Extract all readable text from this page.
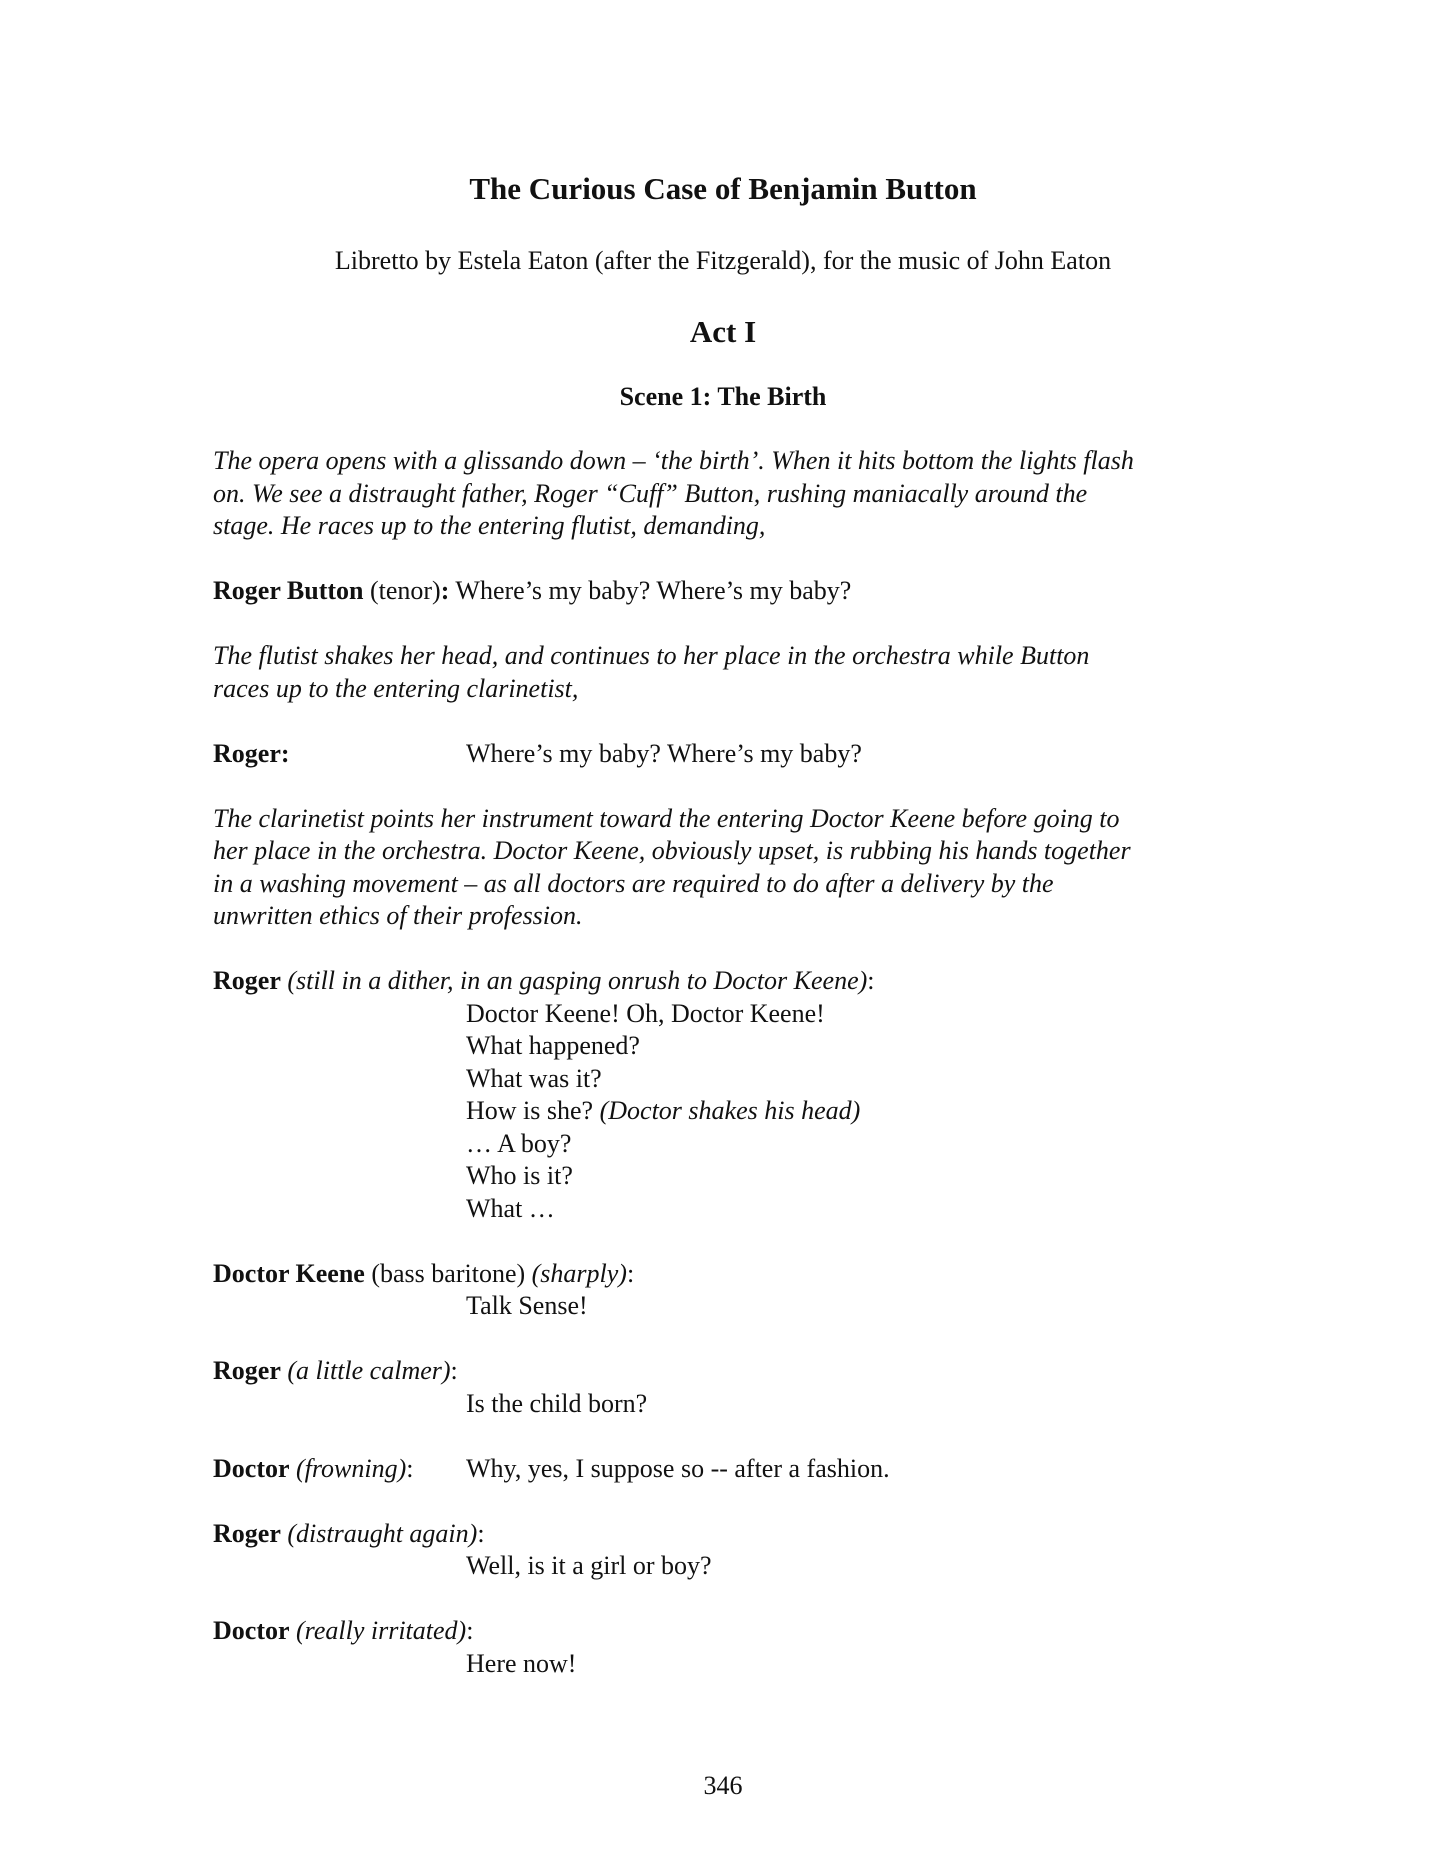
The Curious Case of Benjamin Button
Libretto by Estela Eaton (after the Fitzgerald), for the music of John Eaton
Act I
Scene 1: The Birth

The opera opens with a glissando down – ‘the birth’. When it hits bottom the lights flash

on. We see a distraught father, Roger “Cuff” Button, rushing maniacally around the

stage. He races up to the entering flutist, demanding,

Roger Button (tenor): Where’s my baby? Where’s my baby?

The flutist shakes her head, and continues to her place in the orchestra while Button

races up to the entering clarinetist,

Roger:	Where’s my baby? Where’s my baby?

The clarinetist points her instrument toward the entering Doctor Keene before going to

her place in the orchestra. Doctor Keene, obviously upset, is rubbing his hands together

in a washing movement – as all doctors are required to do after a delivery by the

unwritten ethics of their profession.

Roger (still in a dither, in an gasping onrush to Doctor Keene):

Doctor Keene! Oh, Doctor Keene!

What happened?

What was it?

How is she? (Doctor shakes his head)

… A boy?

Who is it?

What …

Doctor Keene (bass baritone) (sharply):

Talk Sense!

Roger (a little calmer):

Is the child born?

Doctor (frowning):	Why, yes, I suppose so -- after a fashion.

Roger (distraught again):

Well, is it a girl or boy?

Doctor (really irritated):

Here now!

346
